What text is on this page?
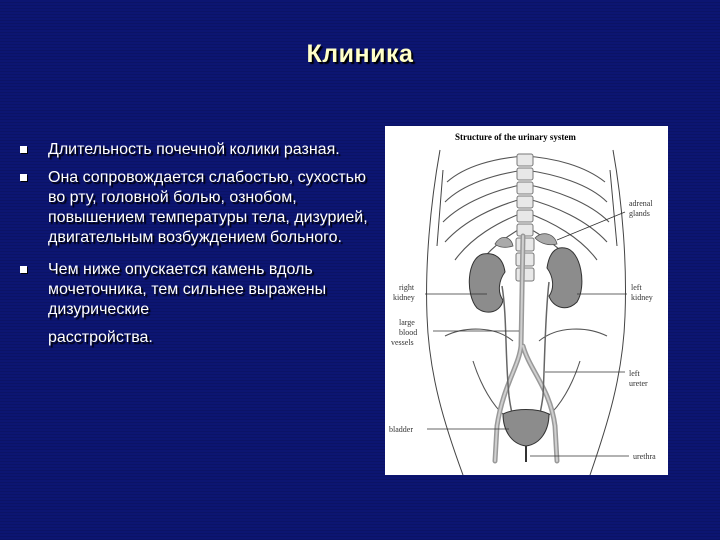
Клиника
Длительность почечной колики разная.
Она сопровождается слабостью, сухостью во рту, головной болью, ознобом, повышением температуры тела, дизурией, двигательным возбуждением больного.
Чем ниже опускается камень вдоль мочеточника, тем сильнее выражены дизурические
расстройства.
Structure of the urinary system
adrenal
glands
right
kidney
left
kidney
large
blood
vessels
left
ureter
bladder
urethra
